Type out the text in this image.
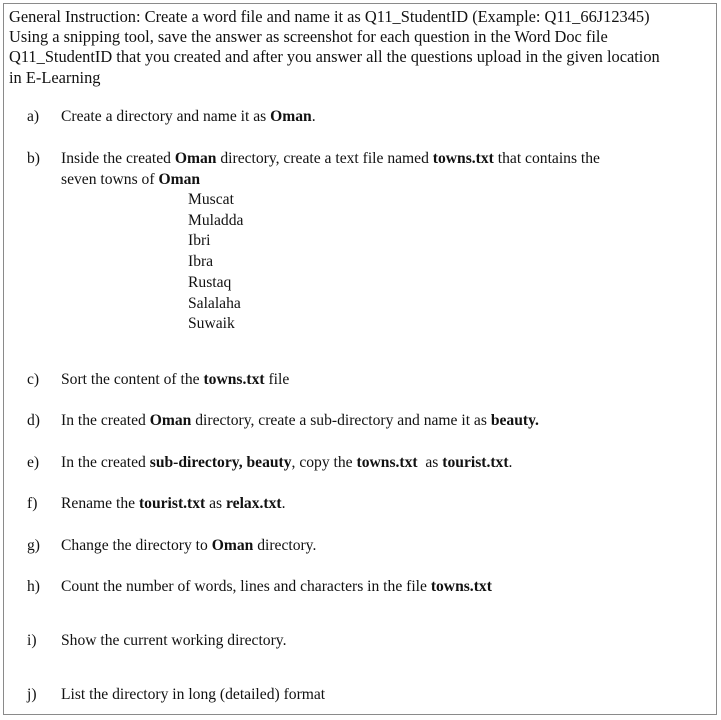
General Instruction: Create a word file and name it as Q11_StudentID (Example: Q11_66J12345)
Using a snipping tool, save the answer as screenshot for each question in the Word Doc file
Q11_StudentID that you created and after you answer all the questions upload in the given location
in E-Learning
a) Create a directory and name it as Oman.
b) Inside the created Oman directory, create a text file named towns.txt that contains the
seven towns of Oman
Muscat
Muladda
Ibri
Ibra
Rustaq
Salalaha
Suwaik
c) Sort the content of the towns.txt file
d) In the created Oman directory, create a sub-directory and name it as beauty.
e) In the created sub-directory, beauty, copy the towns.txt  as tourist.txt.
f) Rename the tourist.txt as relax.txt.
g) Change the directory to Oman directory.
h) Count the number of words, lines and characters in the file towns.txt
i) Show the current working directory.
j) List the directory in long (detailed) format
